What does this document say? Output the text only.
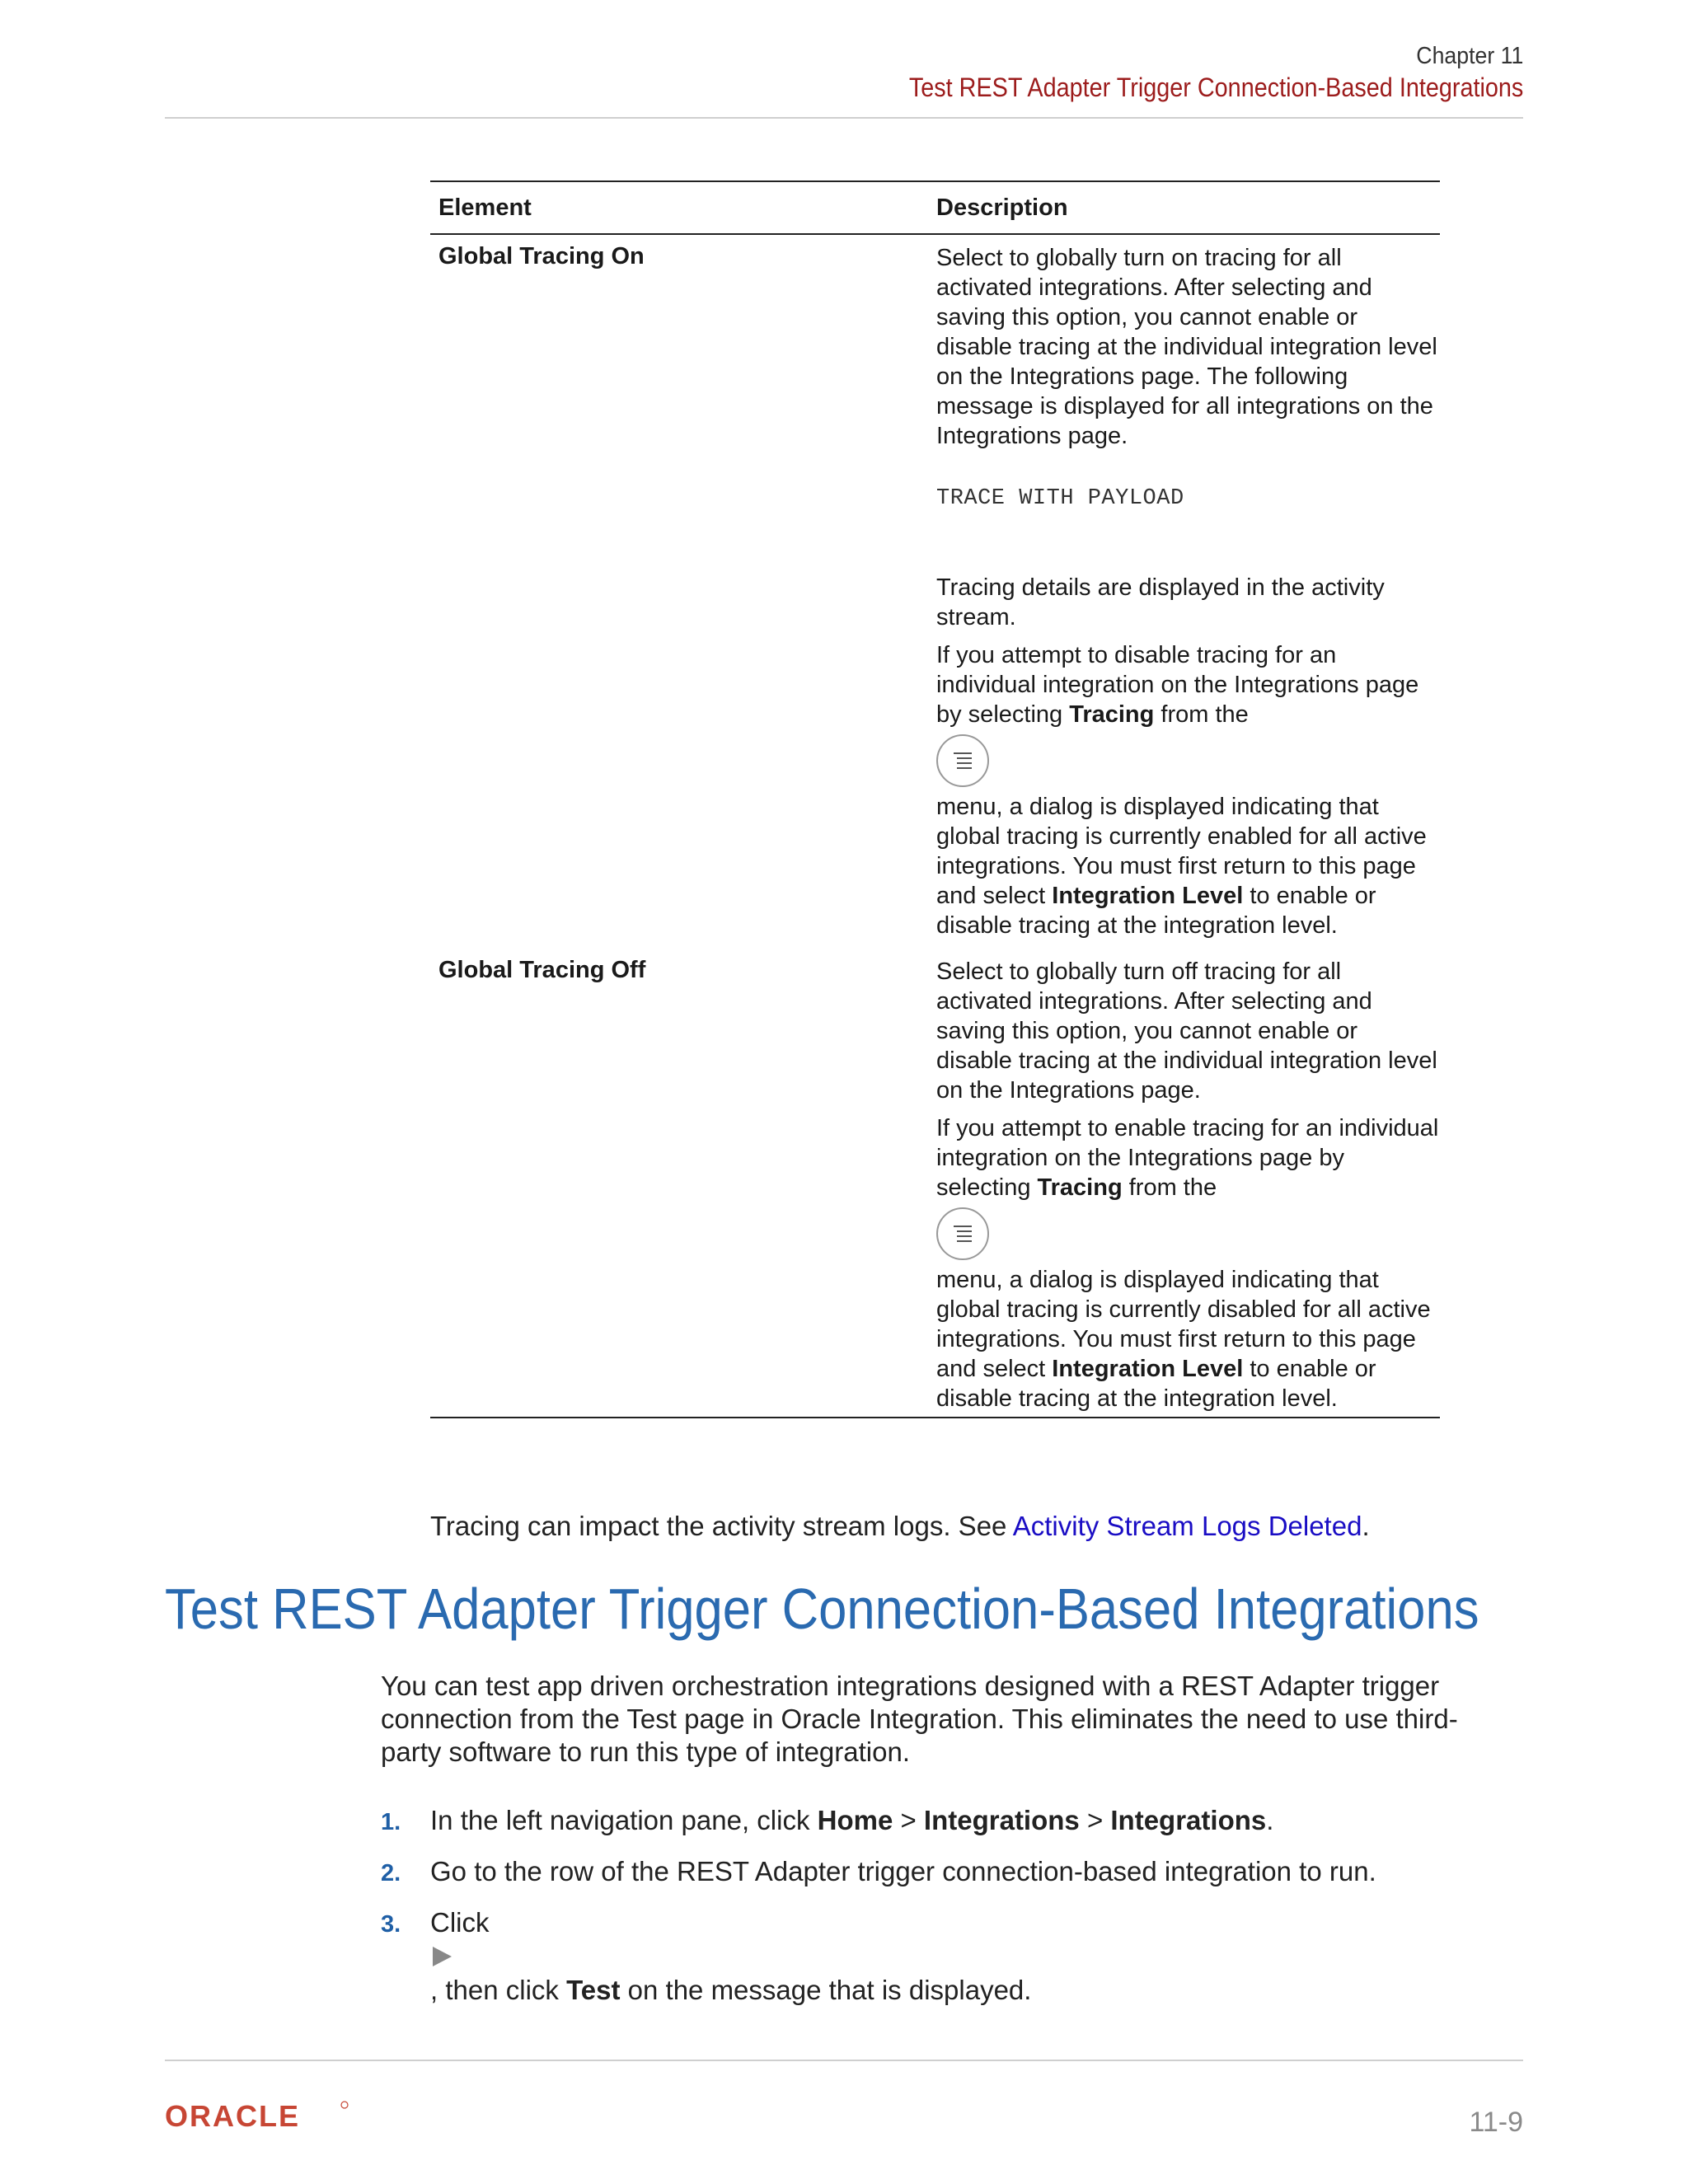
Chapter 11
Test REST Adapter Trigger Connection-Based Integrations
Element	Description
Global Tracing On	Select to globally turn on tracing for all activated integrations. After selecting and saving this option, you cannot enable or disable tracing at the individual integration level on the Integrations page. The following message is displayed for all integrations on the Integrations page.

TRACE WITH PAYLOAD

Tracing details are displayed in the activity stream.

If you attempt to disable tracing for an individual integration on the Integrations page by selecting Tracing from the

menu, a dialog is displayed indicating that global tracing is currently enabled for all active integrations. You must first return to this page and select Integration Level to enable or disable tracing at the integration level.

Global Tracing Off	Select to globally turn off tracing for all activated integrations. After selecting and saving this option, you cannot enable or disable tracing at the individual integration level on the Integrations page.

If you attempt to enable tracing for an individual integration on the Integrations page by selecting Tracing from the

menu, a dialog is displayed indicating that global tracing is currently disabled for all active integrations. You must first return to this page and select Integration Level to enable or disable tracing at the integration level.

Tracing can impact the activity stream logs. See Activity Stream Logs Deleted.
Test REST Adapter Trigger Connection-Based Integrations

You can test app driven orchestration integrations designed with a REST Adapter trigger connection from the Test page in Oracle Integration. This eliminates the need to use third-party software to run this type of integration.

1.	In the left navigation pane, click Home > Integrations > Integrations.
2.	Go to the row of the REST Adapter trigger connection-based integration to run.
3.	Click
, then click Test on the message that is displayed.
ORACLE	11-9
